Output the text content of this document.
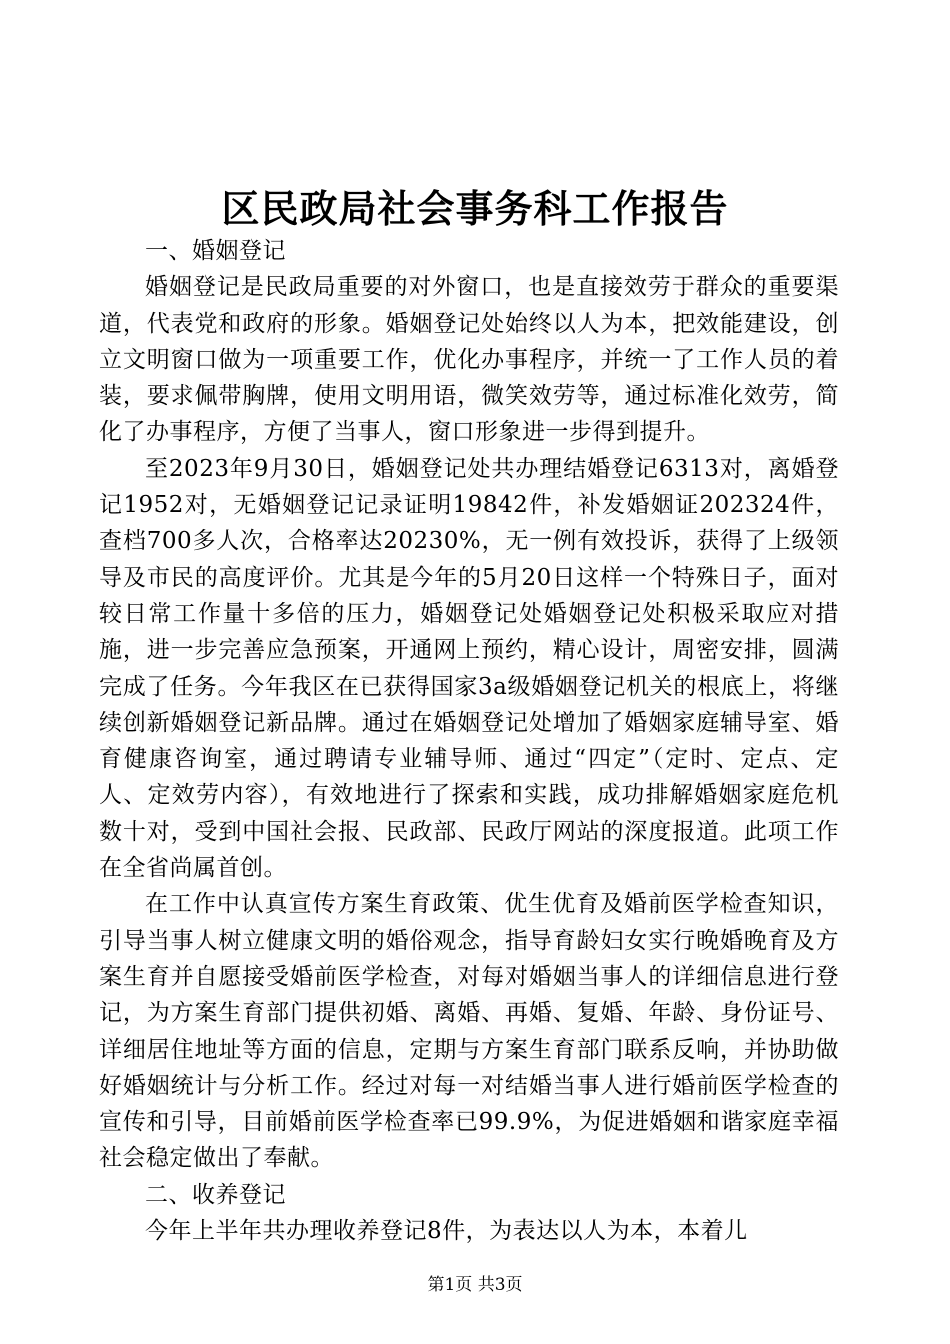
区民政局社会事务科工作报告

一、婚姻登记

婚姻登记是民政局重要的对外窗口，也是直接效劳于群众的重要渠道，代表党和政府的形象。婚姻登记处始终以人为本，把效能建设，创立文明窗口做为一项重要工作，优化办事程序，并统一了工作人员的着装，要求佩带胸牌，使用文明用语，微笑效劳等，通过标准化效劳，简化了办事程序，方便了当事人，窗口形象进一步得到提升。

至2023年9月30日，婚姻登记处共办理结婚登记6313对，离婚登记1952对，无婚姻登记记录证明19842件，补发婚姻证202324件，查档700多人次，合格率达20230%，无一例有效投诉，获得了上级领导及市民的高度评价。尤其是今年的5月20日这样一个特殊日子，面对较日常工作量十多倍的压力，婚姻登记处婚姻登记处积极采取应对措施，进一步完善应急预案，开通网上预约，精心设计，周密安排，圆满完成了任务。今年我区在已获得国家3a级婚姻登记机关的根底上，将继续创新婚姻登记新品牌。通过在婚姻登记处增加了婚姻家庭辅导室、婚育健康咨询室，通过聘请专业辅导师、通过“四定”（定时、定点、定人、定效劳内容），有效地进行了探索和实践，成功排解婚姻家庭危机数十对，受到中国社会报、民政部、民政厅网站的深度报道。此项工作在全省尚属首创。

在工作中认真宣传方案生育政策、优生优育及婚前医学检查知识，引导当事人树立健康文明的婚俗观念，指导育龄妇女实行晚婚晚育及方案生育并自愿接受婚前医学检查，对每对婚姻当事人的详细信息进行登记，为方案生育部门提供初婚、离婚、再婚、复婚、年龄、身份证号、详细居住地址等方面的信息，定期与方案生育部门联系反响，并协助做好婚姻统计与分析工作。经过对每一对结婚当事人进行婚前医学检查的宣传和引导，目前婚前医学检查率已99.9%，为促进婚姻和谐家庭幸福社会稳定做出了奉献。

二、收养登记

今年上半年共办理收养登记8件，为表达以人为本，本着儿

第1页 共3页
